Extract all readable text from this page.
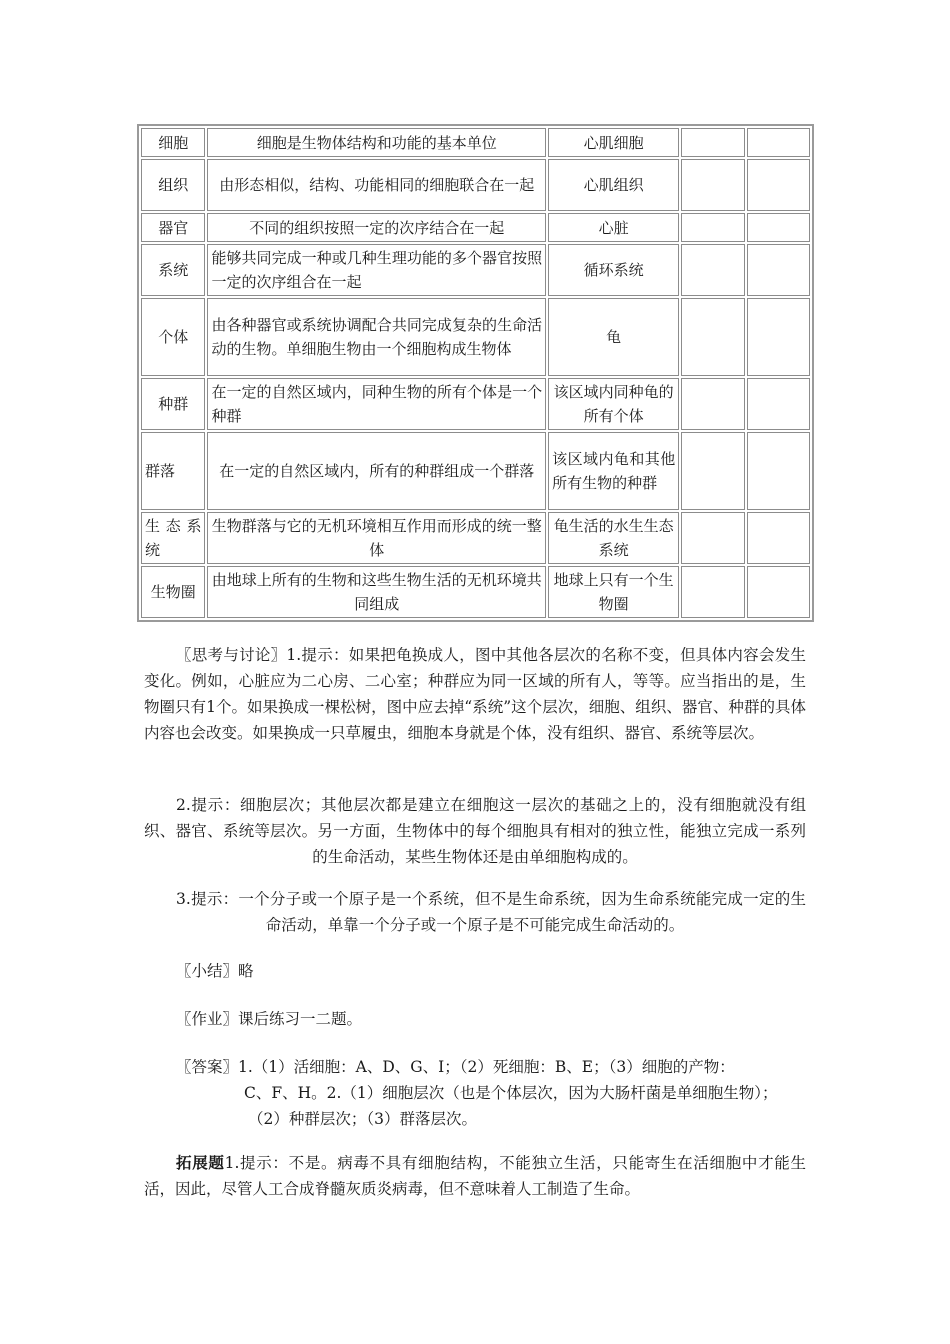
细胞	细胞是生物体结构和功能的基本单位	心肌细胞		
组织	由形态相似，结构、功能相同的细胞联合在一起	心肌组织		
器官	不同的组织按照一定的次序结合在一起	心脏		
系统	能够共同完成一种或几种生理功能的多个器官按照一定的次序组合在一起	循环系统		
个体	由各种器官或系统协调配合共同完成复杂的生命活动的生物。单细胞生物由一个细胞构成生物体	龟		
种群	在一定的自然区域内，同种生物的所有个体是一个种群	该区域内同种龟的所有个体		
群落	在一定的自然区域内，所有的种群组成一个群落	该区域内龟和其他所有生物的种群		
生态系统	生物群落与它的无机环境相互作用而形成的统一整体	龟生活的水生生态系统		
生物圈	由地球上所有的生物和这些生物生活的无机环境共同组成	地球上只有一个生物圈		

〖思考与讨论〗1.提示：如果把龟换成人，图中其他各层次的名称不变，但具体内容会发生变化。例如，心脏应为二心房、二心室；种群应为同一区域的所有人，等等。应当指出的是，生物圈只有1个。如果换成一棵松树，图中应去掉“系统”这个层次，细胞、组织、器官、种群的具体内容也会改变。如果换成一只草履虫，细胞本身就是个体，没有组织、器官、系统等层次。

2.提示：细胞层次；其他层次都是建立在细胞这一层次的基础之上的，没有细胞就没有组织、器官、系统等层次。另一方面，生物体中的每个细胞具有相对的独立性，能独立完成一系列的生命活动，某些生物体还是由单细胞构成的。

3.提示：一个分子或一个原子是一个系统，但不是生命系统，因为生命系统能完成一定的生命活动，单靠一个分子或一个原子是不可能完成生命活动的。

〖小结〗略

〖作业〗课后练习一二题。

〖答案〗1.（1）活细胞：A、D、G、I；（2）死细胞：B、E；（3）细胞的产物：
C、F、H。2.（1）细胞层次（也是个体层次，因为大肠杆菌是单细胞生物）；
（2）种群层次；（3）群落层次。

拓展题1.提示：不是。病毒不具有细胞结构，不能独立生活，只能寄生在活细胞中才能生活，因此，尽管人工合成脊髓灰质炎病毒，但不意味着人工制造了生命。
